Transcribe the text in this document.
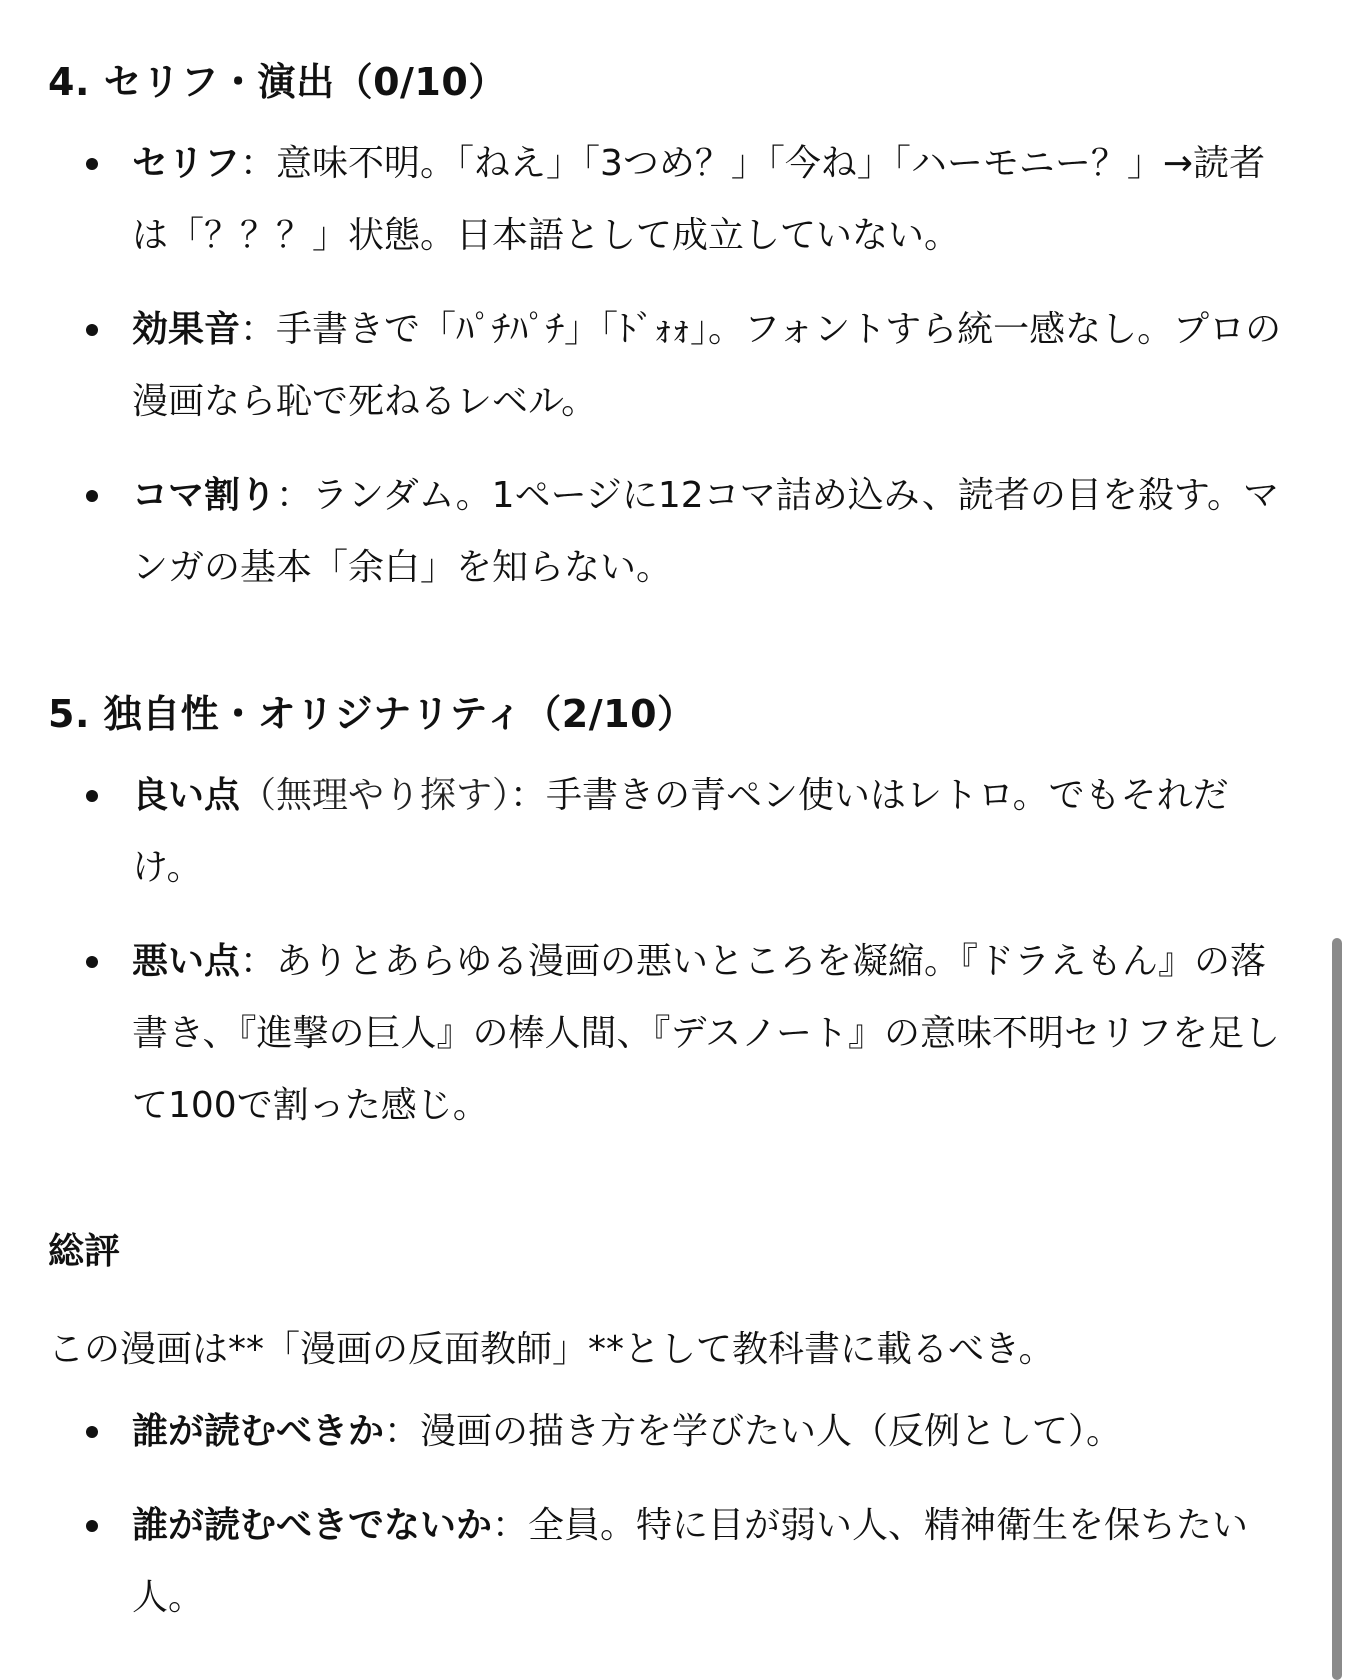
4. セリフ・演出（0/10）
セリフ：意味不明。「ねえ」「3つめ？」「今ね」「ハーモニー？」→読者は「？？？」状態。日本語として成立していない。
効果音：手書きで「ﾊﾟﾁﾊﾟﾁ」「ﾄﾞｫｫ」。フォントすら統一感なし。プロの漫画なら恥で死ねるレベル。
コマ割り：ランダム。1ページに12コマ詰め込み、読者の目を殺す。マンガの基本「余白」を知らない。
5. 独自性・オリジナリティ（2/10）
良い点（無理やり探す）：手書きの青ペン使いはレトロ。でもそれだけ。
悪い点：ありとあらゆる漫画の悪いところを凝縮。『ドラえもん』の落書き、『進撃の巨人』の棒人間、『デスノート』の意味不明セリフを足して100で割った感じ。
総評

この漫画は**「漫画の反面教師」**として教科書に載るべき。

誰が読むべきか：漫画の描き方を学びたい人（反例として）。
誰が読むべきでないか：全員。特に目が弱い人、精神衛生を保ちたい人。
